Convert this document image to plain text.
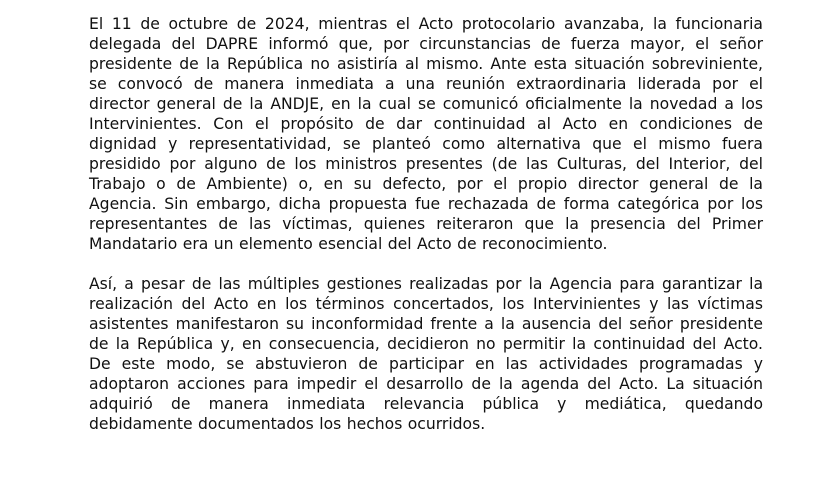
El 11 de octubre de 2024, mientras el Acto protocolario avanzaba, la funcionaria delegada del DAPRE informó que, por circunstancias de fuerza mayor, el señor presidente de la República no asistiría al mismo. Ante esta situación sobreviniente, se convocó de manera inmediata a una reunión extraordinaria liderada por el director general de la ANDJE, en la cual se comunicó oficialmente la novedad a los Intervinientes. Con el propósito de dar continuidad al Acto en condiciones de dignidad y representatividad, se planteó como alternativa que el mismo fuera presidido por alguno de los ministros presentes (de las Culturas, del Interior, del Trabajo o de Ambiente) o, en su defecto, por el propio director general de la Agencia. Sin embargo, dicha propuesta fue rechazada de forma categórica por los representantes de las víctimas, quienes reiteraron que la presencia del Primer Mandatario era un elemento esencial del Acto de reconocimiento.

Así, a pesar de las múltiples gestiones realizadas por la Agencia para garantizar la realización del Acto en los términos concertados, los Intervinientes y las víctimas asistentes manifestaron su inconformidad frente a la ausencia del señor presidente de la República y, en consecuencia, decidieron no permitir la continuidad del Acto. De este modo, se abstuvieron de participar en las actividades programadas y adoptaron acciones para impedir el desarrollo de la agenda del Acto. La situación adquirió de manera inmediata relevancia pública y mediática, quedando debidamente documentados los hechos ocurridos.
